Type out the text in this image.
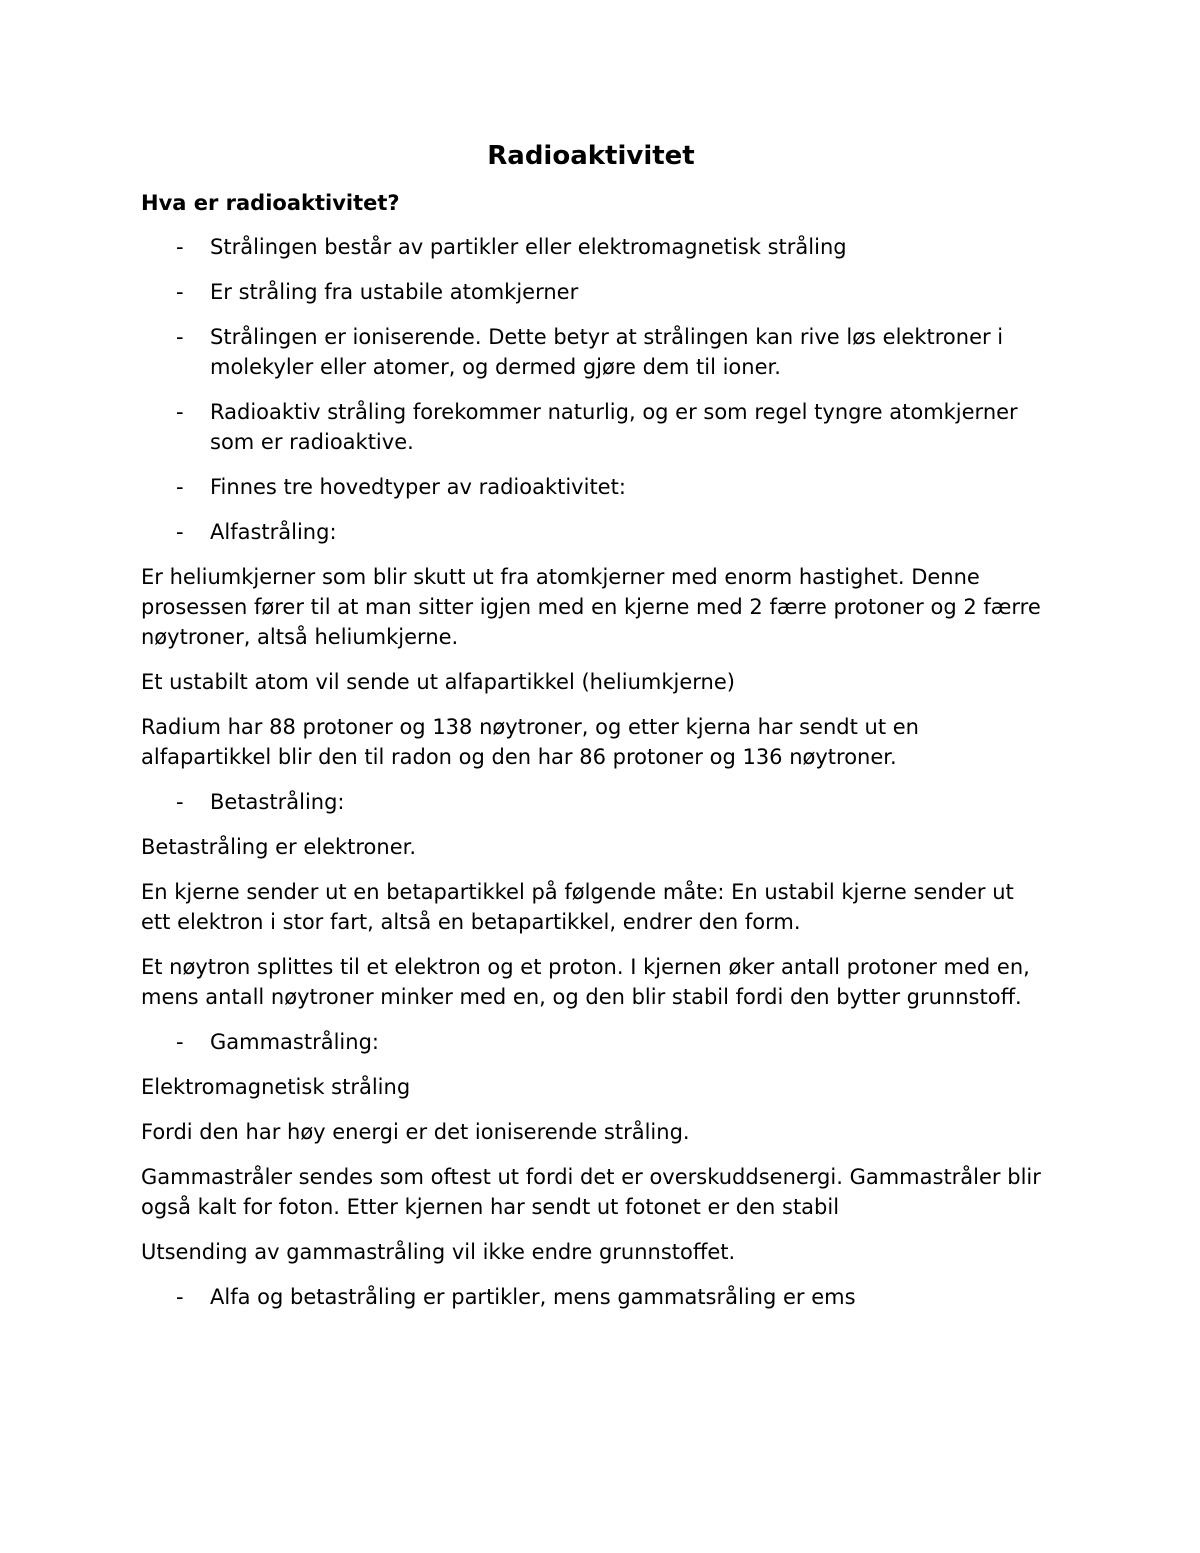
Radioaktivitet
Hva er radioaktivitet?
- Strålingen består av partikler eller elektromagnetisk stråling
- Er stråling fra ustabile atomkjerner
- Strålingen er ioniserende. Dette betyr at strålingen kan rive løs elektroner i molekyler eller atomer, og dermed gjøre dem til ioner.
- Radioaktiv stråling forekommer naturlig, og er som regel tyngre atomkjerner som er radioaktive.
- Finnes tre hovedtyper av radioaktivitet:
- Alfastråling:
Er heliumkjerner som blir skutt ut fra atomkjerner med enorm hastighet. Denne prosessen fører til at man sitter igjen med en kjerne med 2 færre protoner og 2 færre nøytroner, altså heliumkjerne.
Et ustabilt atom vil sende ut alfapartikkel (heliumkjerne)
Radium har 88 protoner og 138 nøytroner, og etter kjerna har sendt ut en alfapartikkel blir den til radon og den har 86 protoner og 136 nøytroner.
- Betastråling:
Betastråling er elektroner.
En kjerne sender ut en betapartikkel på følgende måte: En ustabil kjerne sender ut ett elektron i stor fart, altså en betapartikkel, endrer den form.
Et nøytron splittes til et elektron og et proton. I kjernen øker antall protoner med en, mens antall nøytroner minker med en, og den blir stabil fordi den bytter grunnstoff.
- Gammastråling:
Elektromagnetisk stråling
Fordi den har høy energi er det ioniserende stråling.
Gammastråler sendes som oftest ut fordi det er overskuddsenergi. Gammastråler blir også kalt for foton. Etter kjernen har sendt ut fotonet er den stabil
Utsending av gammastråling vil ikke endre grunnstoffet.
- Alfa og betastråling er partikler, mens gammatsråling er ems
